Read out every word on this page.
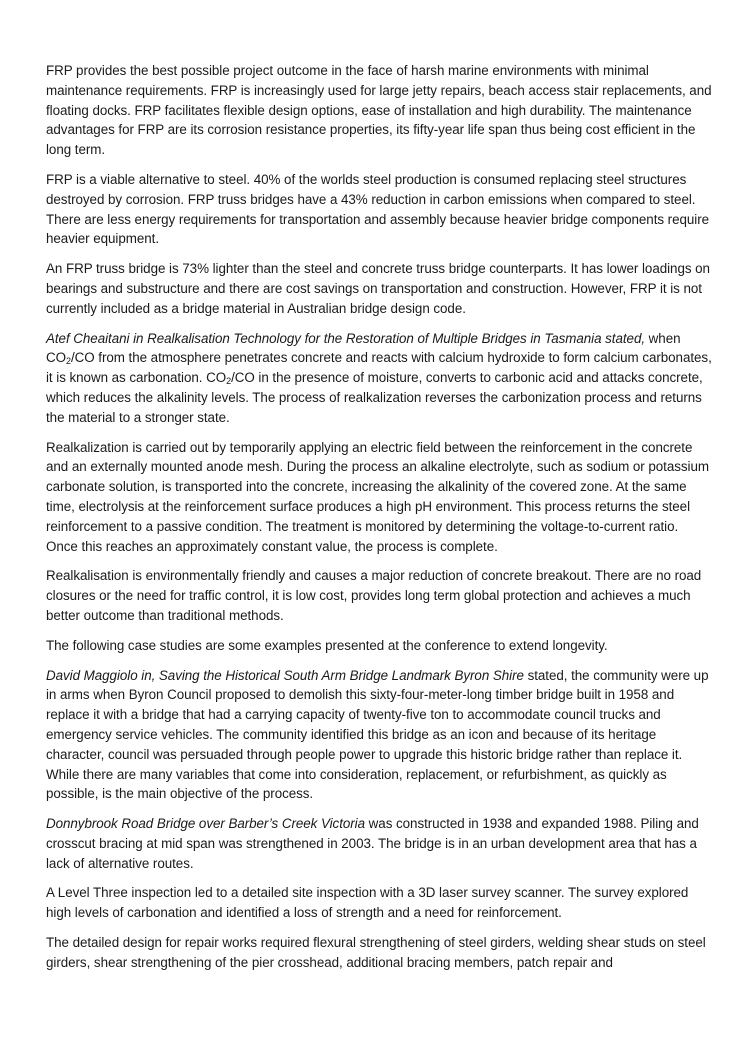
FRP provides the best possible project outcome in the face of harsh marine environments with minimal maintenance requirements. FRP is increasingly used for large jetty repairs, beach access stair replacements, and floating docks. FRP facilitates flexible design options, ease of installation and high durability. The maintenance advantages for FRP are its corrosion resistance properties, its fifty-year life span thus being cost efficient in the long term.

FRP is a viable alternative to steel. 40% of the worlds steel production is consumed replacing steel structures destroyed by corrosion. FRP truss bridges have a 43% reduction in carbon emissions when compared to steel. There are less energy requirements for transportation and assembly because heavier bridge components require heavier equipment.

An FRP truss bridge is 73% lighter than the steel and concrete truss bridge counterparts. It has lower loadings on bearings and substructure and there are cost savings on transportation and construction. However, FRP it is not currently included as a bridge material in Australian bridge design code.

Atef Cheaitani in Realkalisation Technology for the Restoration of Multiple Bridges in Tasmania stated, when $CO_2/CO$ from the atmosphere penetrates concrete and reacts with calcium hydroxide to form calcium carbonates, it is known as carbonation. $CO_2/CO$ in the presence of moisture, converts to carbonic acid and attacks concrete, which reduces the alkalinity levels. The process of realkalization reverses the carbonization process and returns the material to a stronger state.

Realkalization is carried out by temporarily applying an electric field between the reinforcement in the concrete and an externally mounted anode mesh. During the process an alkaline electrolyte, such as sodium or potassium carbonate solution, is transported into the concrete, increasing the alkalinity of the covered zone. At the same time, electrolysis at the reinforcement surface produces a high pH environment. This process returns the steel reinforcement to a passive condition. The treatment is monitored by determining the voltage-to-current ratio. Once this reaches an approximately constant value, the process is complete.

Realkalisation is environmentally friendly and causes a major reduction of concrete breakout. There are no road closures or the need for traffic control, it is low cost, provides long term global protection and achieves a much better outcome than traditional methods.

The following case studies are some examples presented at the conference to extend longevity.

David Maggiolo in, Saving the Historical South Arm Bridge Landmark Byron Shire stated, the community were up in arms when Byron Council proposed to demolish this sixty-four-meter-long timber bridge built in 1958 and replace it with a bridge that had a carrying capacity of twenty-five ton to accommodate council trucks and emergency service vehicles. The community identified this bridge as an icon and because of its heritage character, council was persuaded through people power to upgrade this historic bridge rather than replace it. While there are many variables that come into consideration, replacement, or refurbishment, as quickly as possible, is the main objective of the process.

Donnybrook Road Bridge over Barber’s Creek Victoria was constructed in 1938 and expanded 1988. Piling and crosscut bracing at mid span was strengthened in 2003. The bridge is in an urban development area that has a lack of alternative routes.

A Level Three inspection led to a detailed site inspection with a 3D laser survey scanner. The survey explored high levels of carbonation and identified a loss of strength and a need for reinforcement.

The detailed design for repair works required flexural strengthening of steel girders, welding shear studs on steel girders, shear strengthening of the pier crosshead, additional bracing members, patch repair and
